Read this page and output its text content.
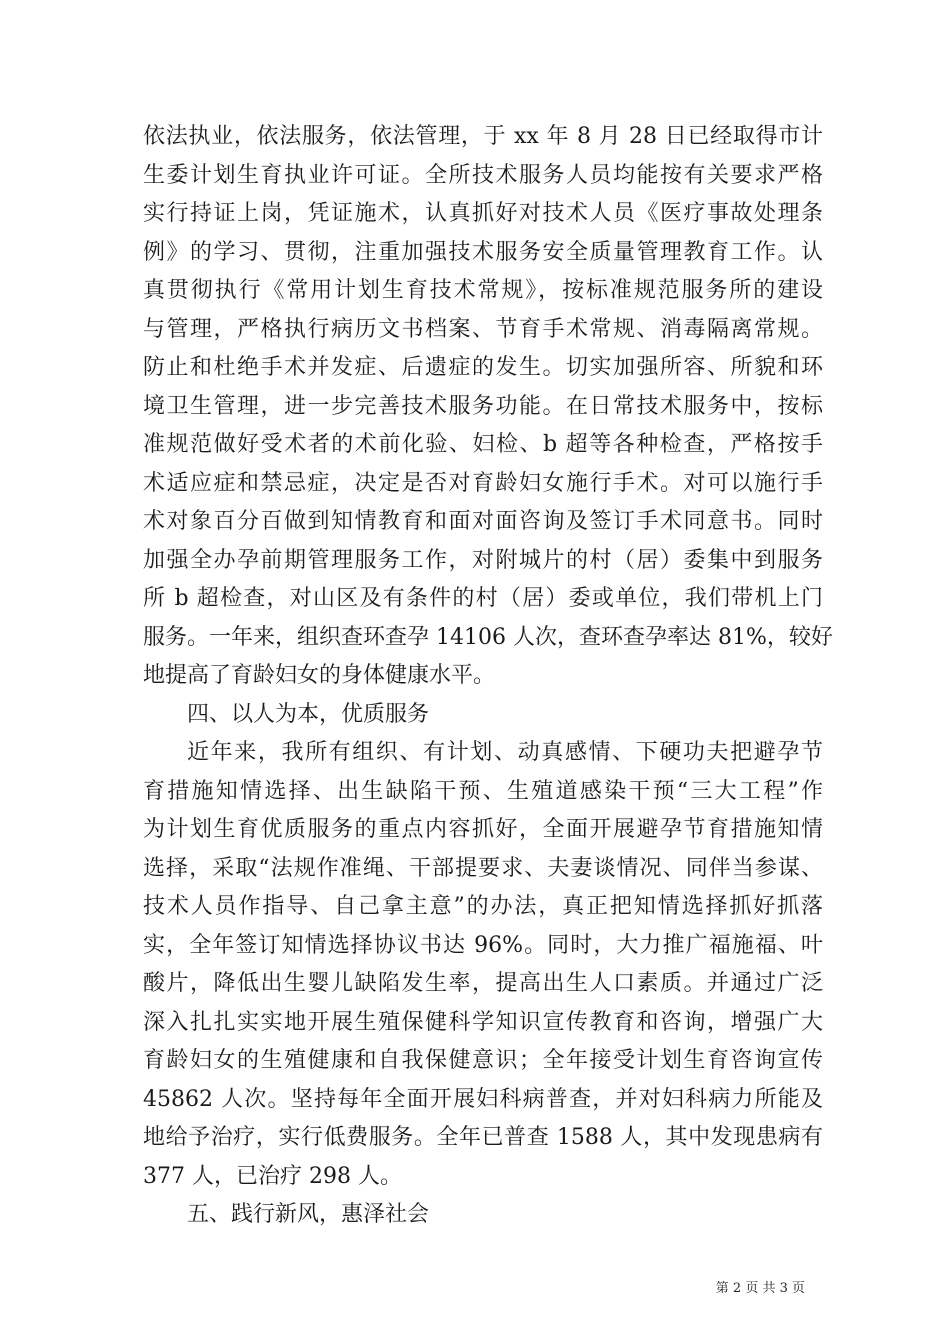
依法执业，依法服务，依法管理，于 xx 年 8 月 28 日已经取得市计
生委计划生育执业许可证。全所技术服务人员均能按有关要求严格
实行持证上岗，凭证施术，认真抓好对技术人员《医疗事故处理条
例》的学习、贯彻，注重加强技术服务安全质量管理教育工作。认
真贯彻执行《常用计划生育技术常规》，按标准规范服务所的建设
与管理，严格执行病历文书档案、节育手术常规、消毒隔离常规。
防止和杜绝手术并发症、后遗症的发生。切实加强所容、所貌和环
境卫生管理，进一步完善技术服务功能。在日常技术服务中，按标
准规范做好受术者的术前化验、妇检、b 超等各种检查，严格按手
术适应症和禁忌症，决定是否对育龄妇女施行手术。对可以施行手
术对象百分百做到知情教育和面对面咨询及签订手术同意书。同时
加强全办孕前期管理服务工作，对附城片的村（居）委集中到服务
所 b 超检查，对山区及有条件的村（居）委或单位，我们带机上门
服务。一年来，组织查环查孕 14106 人次，查环查孕率达 81%，较好
地提高了育龄妇女的身体健康水平。
四、以人为本，优质服务
近年来，我所有组织、有计划、动真感情、下硬功夫把避孕节
育措施知情选择、出生缺陷干预、生殖道感染干预“三大工程”作
为计划生育优质服务的重点内容抓好，全面开展避孕节育措施知情
选择，采取“法规作准绳、干部提要求、夫妻谈情况、同伴当参谋、
技术人员作指导、自己拿主意”的办法，真正把知情选择抓好抓落
实，全年签订知情选择协议书达 96%。同时，大力推广福施福、叶
酸片，降低出生婴儿缺陷发生率，提高出生人口素质。并通过广泛
深入扎扎实实地开展生殖保健科学知识宣传教育和咨询，增强广大
育龄妇女的生殖健康和自我保健意识；全年接受计划生育咨询宣传
45862 人次。坚持每年全面开展妇科病普查，并对妇科病力所能及
地给予治疗，实行低费服务。全年已普查 1588 人，其中发现患病有
377 人，已治疗 298 人。
五、践行新风，惠泽社会
第 2 页 共 3 页
